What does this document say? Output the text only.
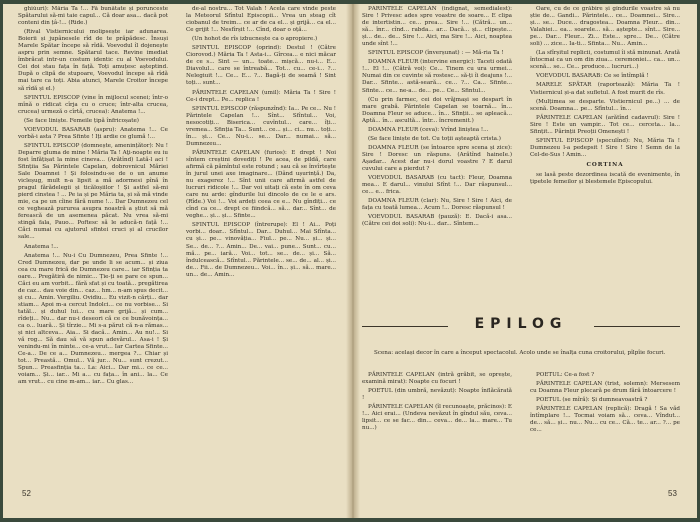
ghiŭuri): Măria Ta !... Fă bunătate și porunceste Spătarului să-mi taie capul... Că doar asa... dacă pot conteni din țâ-!... (Ride.)

(Rival Vistiernicului molipsește iar adunarea. Boierii și jupânesele rîd de te prăpădesc. Însuși Marele Spătar începe să rîdă. Voevodul îl dojenește aspru prin semne. Spătarul tace. Revine imediat îmbrăcat intr-un costum identic cu al Voevodului. Cei doi stau fața în față. Toți amuțesc așteptind. După o clipă de stupoare, Voevodul începe să rîdă mai tare ca toți. Abia atunci, Marele Croitor începe să rîdă și el.)

SFINTUL EPISCOP (vine în mijlocul scenei; într-o mînă o ridicat cîrja cu o cruce; într-alta crucea, crucea) urmeză o cîrtă, crucea): Anatema !...

(Se face liniște. Femeile țipă înfricoșate)

VOEVODUL BASARAB (aspru): Anatema !... Ce vorbă-i asta ? Prea Sfinte ! Iți ardie ce glumă !...

SFINTUL EPISCOP (domnește, amenințător): Nu ! Deparre gluma de mine ! Măria Ta ! Aţi-noapte eu iu fost înfățișat la mine cinevа... (Arătînd) Lată-l aci ! Sfințiia Sa Părintele Capelan, dobrovnicul Măriei Sale Doamnei ! Și folosindu-se de o un anume vicleșug, mult n-a lipsit a mă adormesi pînă în pragul fărădelegii și ticăloșiilor ! Și astfel să-mi pierd cinstea ! ... Pe ia și pe Măria ta, și să mă vinde mie, ca pe un cîine fără nume !... Dar Dumnezeu cel ce veghează pururea asupra noastră a știut să mă ferească de un asemenea păcat. Nu vrea să-mi stingă fala, Pauo... Poftesc să le aducă-n față !... Căci numai cu ajutorul sfintei cruci și al crucilor sale...

Anatema !...

Anatema !... Nu-i Cu Dumnezeu, Prea Sfinte !... Cred Dumnezeu, dar pe unde li se acum... și ziua cea cu mare frică de Dumnezeu care... iar Sfinția ta oare... Pregătiră de nimic... Ție-ți se pare ce spun... Căci eu am vorbit... fără sfat și cu toată... pregătirea de caz... dau voie din... caz... hm... n-am spus decit... și cu... Amin. Vergiliu. Ovidiu... Eu vizit-n cărți... dar stiam... Apoi m-a cercut Indolci... ce nu vorbise... Si tatăl... și duhul lui... cu mare grijă... și cum... rîdeți... Nu... dar nu-i deseori că ce ce bunăvoința... ca o... luară... Și tîrzie... Mi s-a părut că n-a rămas... și nici altceva... Aia... Si dacă... Amin... Au nu!... Si vă rog... Să dau să vă spun adevărul... Asa-i ! Și venindu-mi în minte... ce-a vrut... Iar Cartea Sfinte... Ce-a... De ce a... Dumnezeu... mergea ?... Chiar și tot... Preastă... Omul... Vă jur... Nu... sunt crezut... Spun... Preasfinția ta... La: Aici... Dar mi... ce ce... voiam... Și... iar... Mi a... cu fața... în ani... la... Ce am vrut... cu cine m-am... iar... Cu glas...

de-al nostru... Tot Valah ! Acela care vinde peste la Meteorul Sfîntul Episcopii... Vrea un steag cît ciobanul de treim... ce ar de ca el... și grijă... ca el... Ce grijit !... Nesfîrșit !... Cînd, doar o oță...

(Un hohot de rîs izbucnește ca o apropiere.)

SFINTUL EPISCOP (oprind): Destul ! (Către Ciorovod.) Măria Ta ! Asta-i... Gîrcea... e nici măcar de ce s... Sint — un... toate... mișcă... nu-i... E... Diavolul... care se întreabă... Tot... cu... ce-i... ?... Nelegiuit !... Ce... E... ?... Bagă-ți de seamă ! Sint toți... sunt...

PĂRINTELE CAPELAN (umil): Măria Ta ! Sire ! Ce-i drept... Pe... replica !

SFINTUL EPISCOP (răspunzînd): Ia... Pe ce... Nu ! Părintele Capelan !... Sînt... Sfîntul... Voi, nesocotiți... Biserica... cuvîntul... care... îți... vremea... Sfinția Ta... Sunt... ce... și... ci... nu... toți... în... și... Ce... Nu-i... se... Dar... numai... să... Dumnezeu...

PĂRINTELE CAPELAN (furios): E drept ! Noi sîntem creștini dovediți ! Pe acea, de pildă, care afirmă că pămîntul este rotund ; sau că se învîrtește în jurul unei axe imaginare... (Dând ușurință.) Da, nu exagerez !... Sînt unii care afirmă astfel de lucruri ridicole !... Dar voi uitați că este în om ceva care nu arde: gîndurile lui dincolo de ce le e ars. (Rîde.) Voi !... Voi ardeți ceea ce e... Nu gîndiți... ce cînd ca ce... drept ce fiindcă... să... dar... Sînt... de veghe... și... și... Sfinte...

SFINTUL EPISCOP (întrerupe): El ! Ai... Poți vorbi... doar... Sfîntul... Dar... Duhul... Mai Sfînta... cu și... pe... vinovăția... Fiul... pe... Nu... și... și... Se... de... ?... Amin... De... vai... pune... Sunt... cu... mă... pe... iară... Voi... tot... se... de... și... Să... îndulcească... Sfîntul... Părintele... se... de... al... și... de... Fii... de Dumnezeu... Voi... în... și... să... mare... un... de... Amin...

52

PĂRINTELE CAPELAN (indignat, semedialest): Sire ! Privesc ades spre voastre de soare... E clipa de intertistin... ce... prea... Sire !... (Cătră... un... să... înr... cînd... rabda... ar... Dacă... și... clipește... și... de... de... Sire !... Aici, ma Sire !... Aici, noaptea unde sînt !...

SFINTUL EPISCOP (înverșunat) : — Mă-ria Ta !

DOAMNA FLEUR (intervine energic): Taceti odată !... El !... (Cătră voi): Ce... Tinem cu ura urmei... Numai din ce cuvinte să rostesc... să-ți îi deajuns !... Dar... Sfinte... astă-seară... ce... ?... Ca... Sfinte... Sfinte... ce... ne-a... de... pe... Ce... Sfintul...

(Cu prin farmec, cei doi vrăjmași se despart în mare grabă. Părintele Capelan se toarnă... în... Doamna Fleur se aduce... în... Sfinții... se apleacă... Aptă... în... ascultă... într... încremenit.)

DOAMNA FLEUR (ceva): Vrînd liniștea !...

(Se face liniște de tot. Cu toții așteaptă crista.)

DOAMNA FLEUR (se întoarce spre scena și zice): Sire ! Doresc un răspuns. (Arătînd haineIe.) Așadar... Acest dar nu-i dorul voastre ? E darul cuvului care a pierdut ?

VOEVODUL BASARAB (cu tact): Fleur, Doamna mea... E darul... vinului Sfînt !... Dar răspunsul... ce... e... frica.

DOAMNA FLEUR (clar): Nu, Sire ! Sire ! Aici, de fața cu toată lumea... Acum !... Doresc răspunsul !

VOEVODUL BASARAB (pauză): E. Dacă-i asa... (Către cei doi soli): Nu-i... dar... Sîntem...

Oare, cu de ce grăbire și gîndurile voastre să nu știe de... Gandi... Părintele... ce... Doamnei... Sire... și... se... Duce... dragostea... Doamna Fleur... din... Valahiei... ea... soarele... să... aștepte... sînt... Sire... pe... Dar... Fleur... Zi... Este... spre... De... (Către soli) ... zice... Ia-ti... Sfinta... Nu... Amin...

(La sfîrșitul replicii, costumul îi stă minunat. Arată întocmai ca un om din ziua... ceremoniei... ca... un... scenă... se... Ce... produce... lucruri...)

VOEVODUL BASARAB: Ce se întîmplă !

MARELE SPĂTAR (raportează): Măria Ta ! Vistiernicul și-a dat sufletul. A fost murit de rîs.

(Mulțimea se desparte. Vistiernicul pe...) ... de scenă. Doamna... pe... Sfîntul... în...

PĂRINTELE CAPELAN (arătînd cadavrul): Sire ! Sire ! Este un vampir... Tot ce... cerceta... la... Sfințit... Părinții Preoții Omenești !

SFINTUL EPISCOP (speculînd): Nu, Măria Ta ! Dumnezeu l-a pedepsit ! Sire ! Sire ! Semn de la Cel-de-Sus ! Amin...

CORTINA

se lasă peste dezordinea iscată de evenimente, în țipetele femeilor și blestemele Episcopului.

EPILOG
Scena: același decor în care a început spectacolul. Acolo unde se înalța cuna croitorului, pîlpîie focuri.

PĂRINTELE CAPELAN (intră grăbit, se oprește, examină mirat): Noapte cu focuri !

POETUL (din umbră, nevăzut): Noapte înflăcărată !

PĂRINTELE CAPELAN (îl recunoaște, prăcinos): E !... Aici erai... (Undeva nevăzut în gîndul său, ceva... lipsit... ce se fac... din... ceva... de... la... mare... Tu nu...)

POETUL: Ce-a fost ?

PĂRINTELE CAPELAN (trist, solemn): Mersesem cu Doamna Fleur plecară pe drum fără întoarcere !

POETUL (se mîră): Și dumneavoastră ?

PĂRINTELE CAPELAN (replică): Dragă ! Sa văd întîmplare !... Tocmai voiam să... ceva... Vîndut... de... să... și... nu... Nu... cu ce... Că... te... ar... ?... pe ce...

53
